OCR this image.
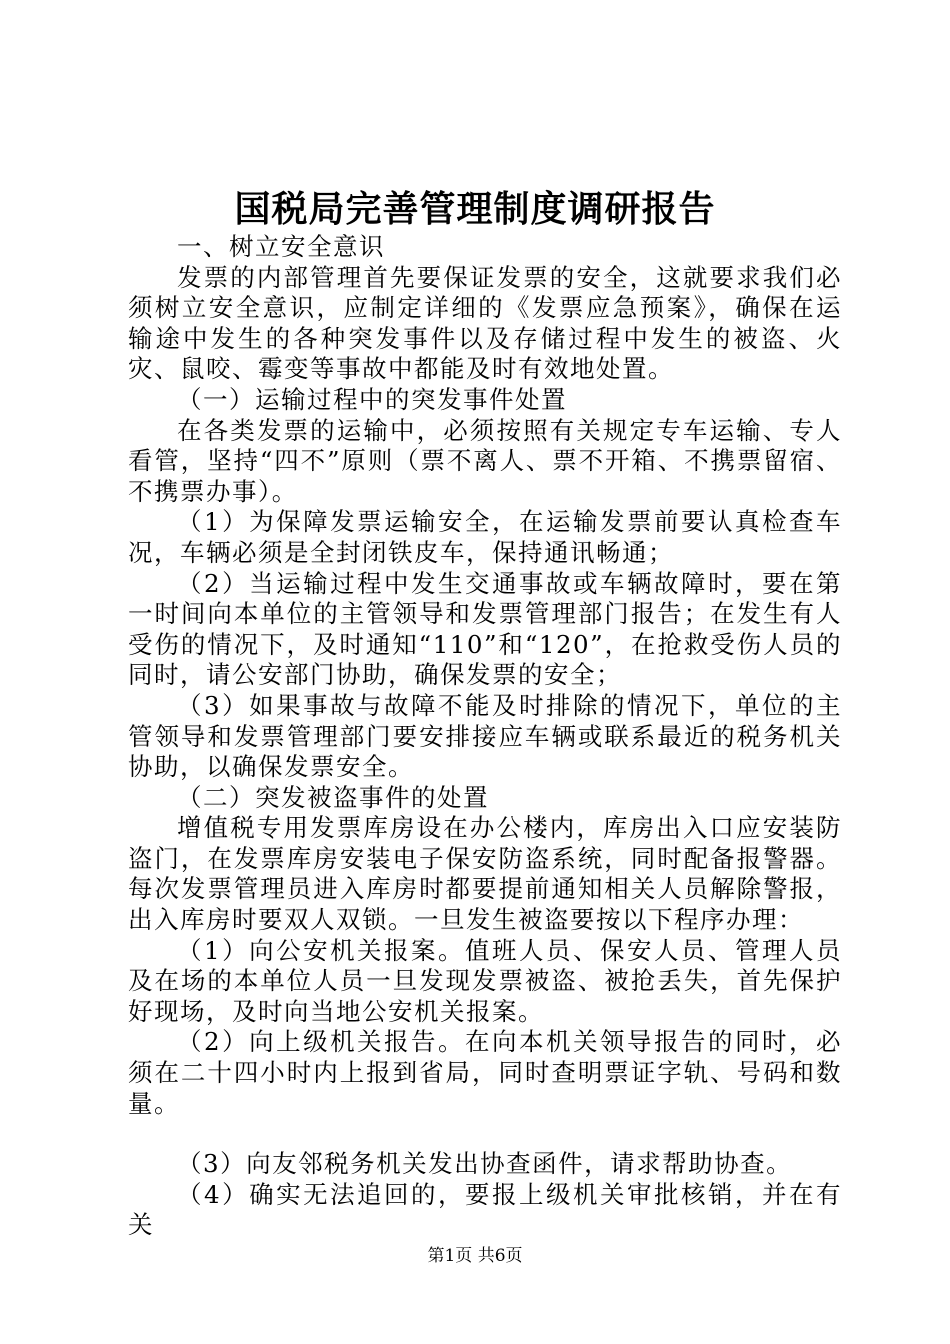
国税局完善管理制度调研报告

一、树立安全意识

发票的内部管理首先要保证发票的安全，这就要求我们必须树立安全意识，应制定详细的《发票应急预案》，确保在运输途中发生的各种突发事件以及存储过程中发生的被盗、火灾、鼠咬、霉变等事故中都能及时有效地处置。

（一）运输过程中的突发事件处置

在各类发票的运输中，必须按照有关规定专车运输、专人看管，坚持“四不”原则（票不离人、票不开箱、不携票留宿、不携票办事）。

（1）为保障发票运输安全，在运输发票前要认真检查车况，车辆必须是全封闭铁皮车，保持通讯畅通；

（2）当运输过程中发生交通事故或车辆故障时，要在第一时间向本单位的主管领导和发票管理部门报告；在发生有人受伤的情况下，及时通知“110”和“120”，在抢救受伤人员的同时，请公安部门协助，确保发票的安全；

（3）如果事故与故障不能及时排除的情况下，单位的主管领导和发票管理部门要安排接应车辆或联系最近的税务机关协助，以确保发票安全。

（二）突发被盗事件的处置

增值税专用发票库房设在办公楼内，库房出入口应安装防盗门，在发票库房安装电子保安防盗系统，同时配备报警器。每次发票管理员进入库房时都要提前通知相关人员解除警报，出入库房时要双人双锁。一旦发生被盗要按以下程序办理：

（1）向公安机关报案。值班人员、保安人员、管理人员及在场的本单位人员一旦发现发票被盗、被抢丢失，首先保护好现场，及时向当地公安机关报案。

（2）向上级机关报告。在向本机关领导报告的同时，必须在二十四小时内上报到省局，同时查明票证字轨、号码和数量。

（3）向友邻税务机关发出协查函件，请求帮助协查。

（4）确实无法追回的，要报上级机关审批核销，并在有关

第1页 共6页
